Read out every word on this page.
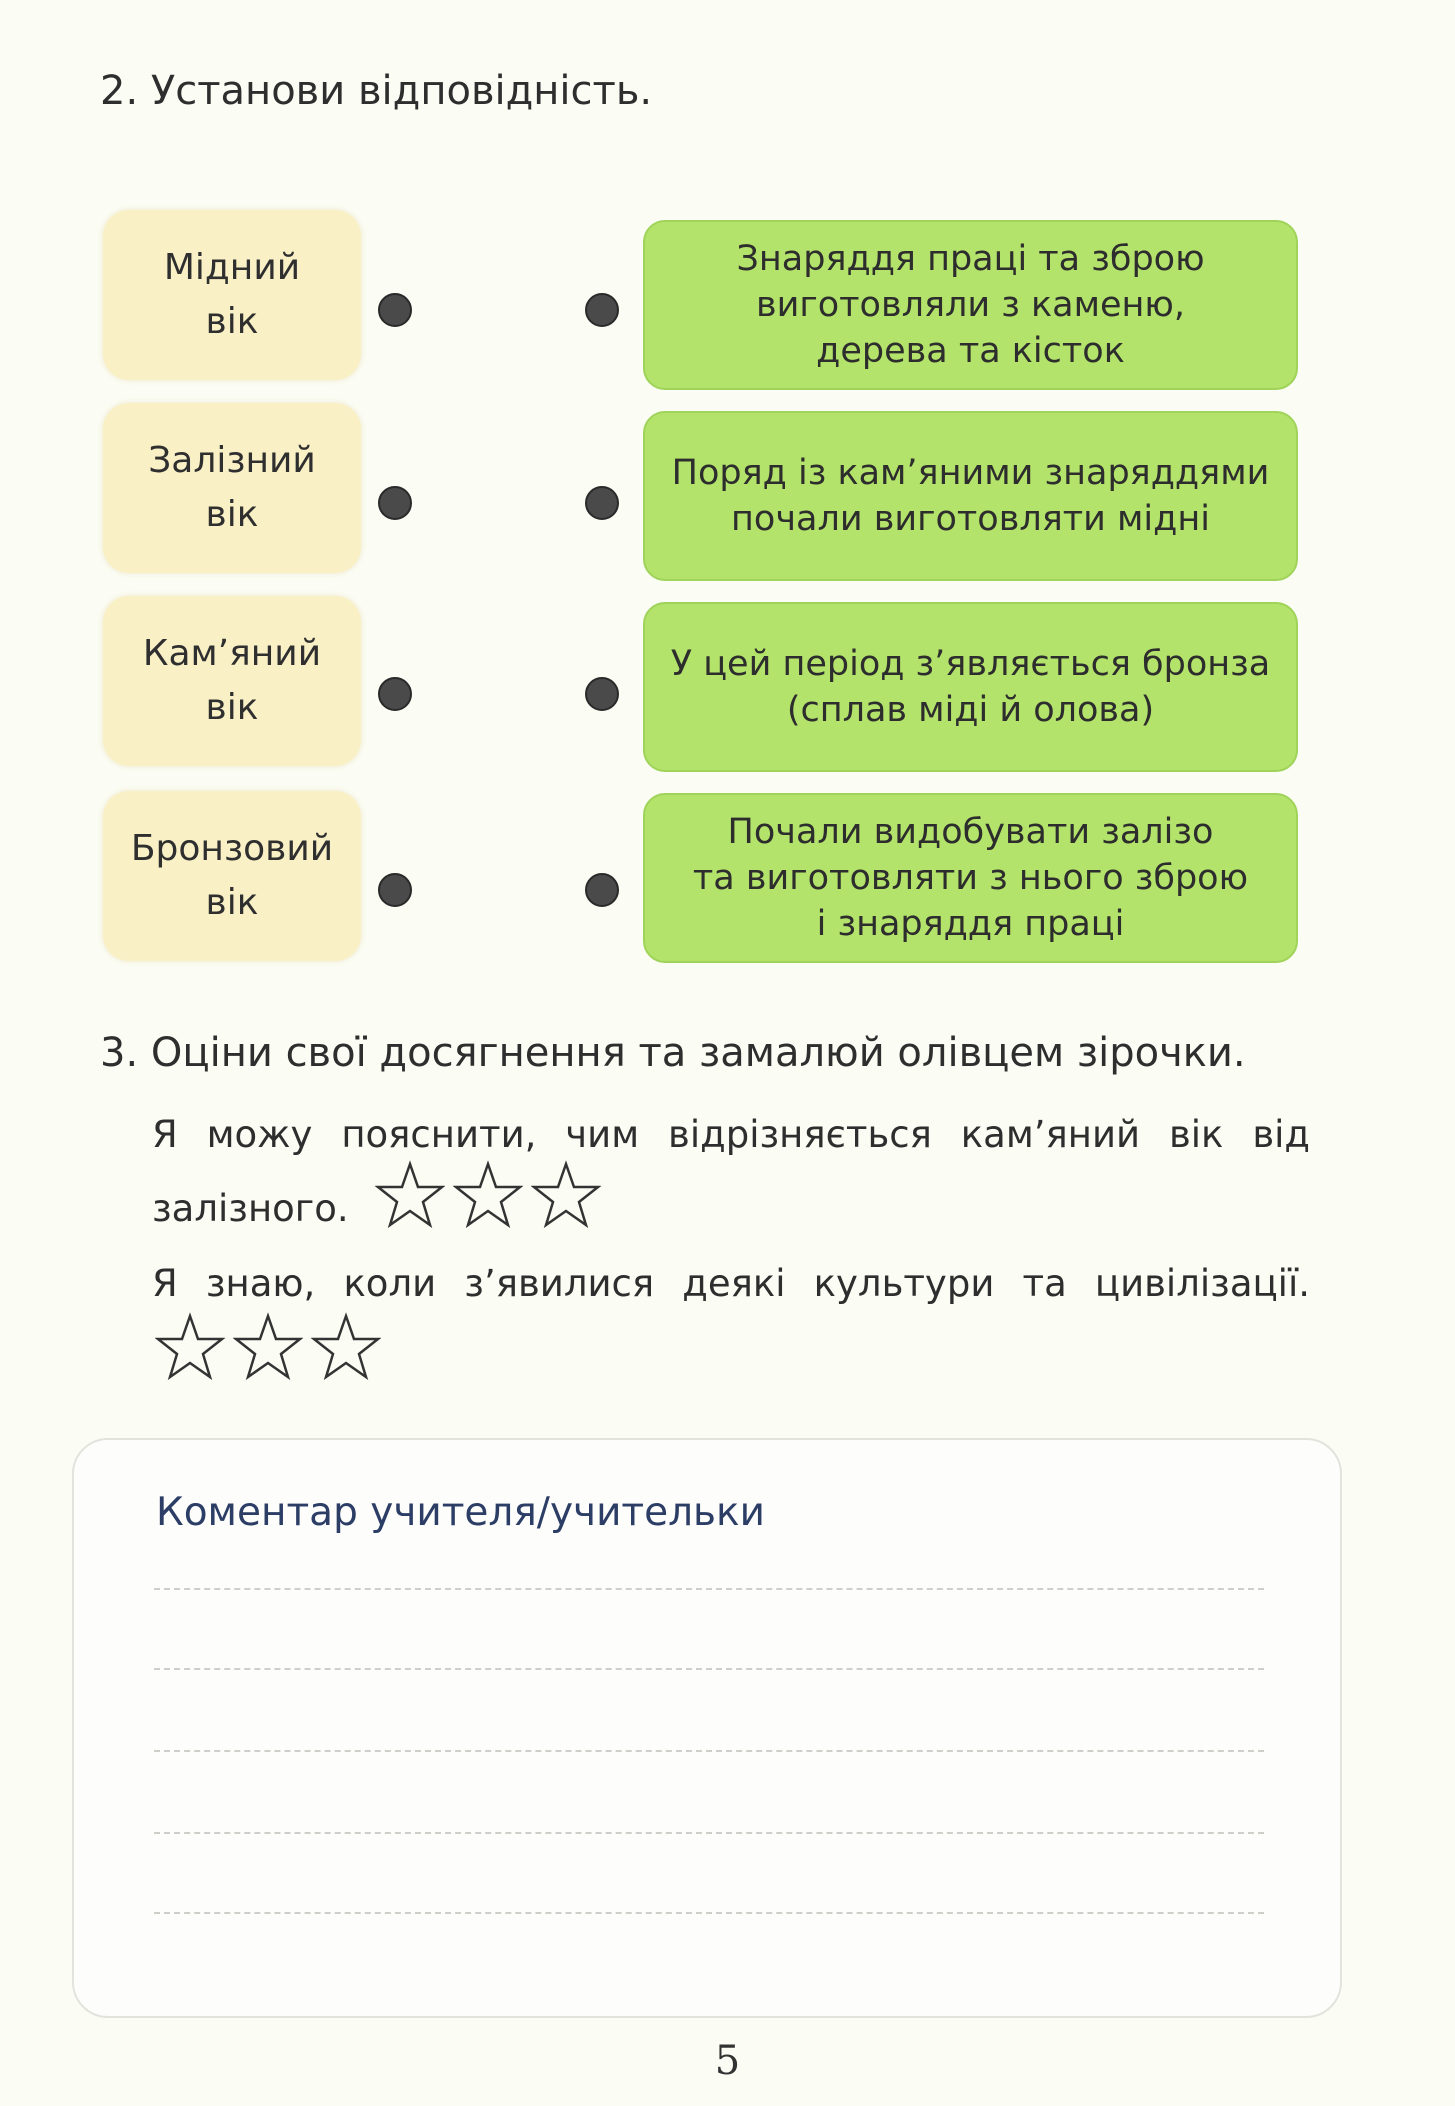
2. Установи відповідність.
Мідний
вік
Знаряддя праці та зброю
виготовляли з каменю,
дерева та кісток
Залізний
вік
Поряд із кам’яними знаряддями
почали виготовляти мідні
Кам’яний
вік
У цей період з’являється бронза
(сплав міді й олова)
Бронзовий
вік
Почали видобувати залізо
та виготовляти з нього зброю
і знаряддя праці
3. Оціни свої досягнення та замалюй олівцем зірочки.
Я можу пояснити, чим відрізняється кам’яний вік від
залізного.
Я знаю, коли з’явилися деякі культури та цивілізації.
Коментар учителя/учительки
5
